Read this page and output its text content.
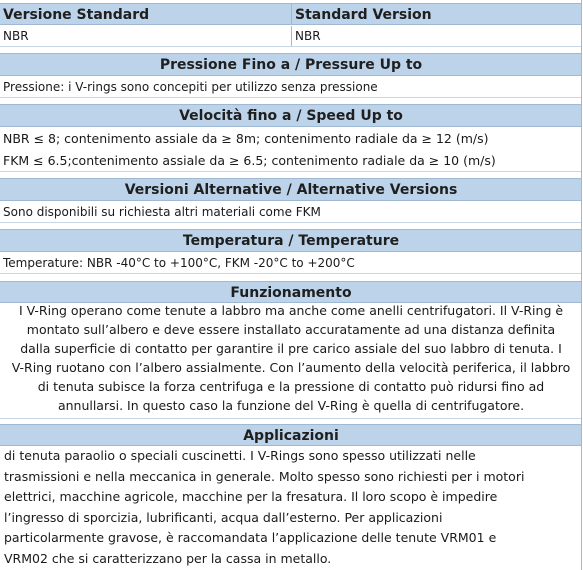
Versione Standard	Standard Version
NBR	NBR
Pressione Fino a / Pressure Up to
Pressione: i V-rings sono concepiti per utilizzo senza pressione
Velocità fino a / Speed Up to
NBR ≤ 8; contenimento assiale da ≥ 8m; contenimento radiale da ≥ 12 (m/s)
FKM ≤ 6.5;contenimento assiale da ≥ 6.5; contenimento radiale da ≥ 10 (m/s)
Versioni Alternative / Alternative Versions
Sono disponibili su richiesta altri materiali come FKM
Temperatura / Temperature
Temperature: NBR -40°C to +100°C, FKM -20°C to +200°C
Funzionamento
I V-Ring operano come tenute a labbro ma anche come anelli centrifugatori. Il V-Ring è
montato sull’albero e deve essere installato accuratamente ad una distanza definita
dalla superficie di contatto per garantire il pre carico assiale del suo labbro di tenuta. I
V-Ring ruotano con l’albero assialmente. Con l’aumento della velocità periferica, il labbro
di tenuta subisce la forza centrifuga e la pressione di contatto può ridursi fino ad
annullarsi. In questo caso la funzione del V-Ring è quella di centrifugatore.
Applicazioni
di tenuta paraolio o speciali cuscinetti. I V-Rings sono spesso utilizzati nelle
trasmissioni e nella meccanica in generale. Molto spesso sono richiesti per i motori
elettrici, macchine agricole, macchine per la fresatura. Il loro scopo è impedire
l’ingresso di sporcizia, lubrificanti, acqua dall’esterno. Per applicazioni
particolarmente gravose, è raccomandata l’applicazione delle tenute VRM01 e
VRM02 che si caratterizzano per la cassa in metallo.
